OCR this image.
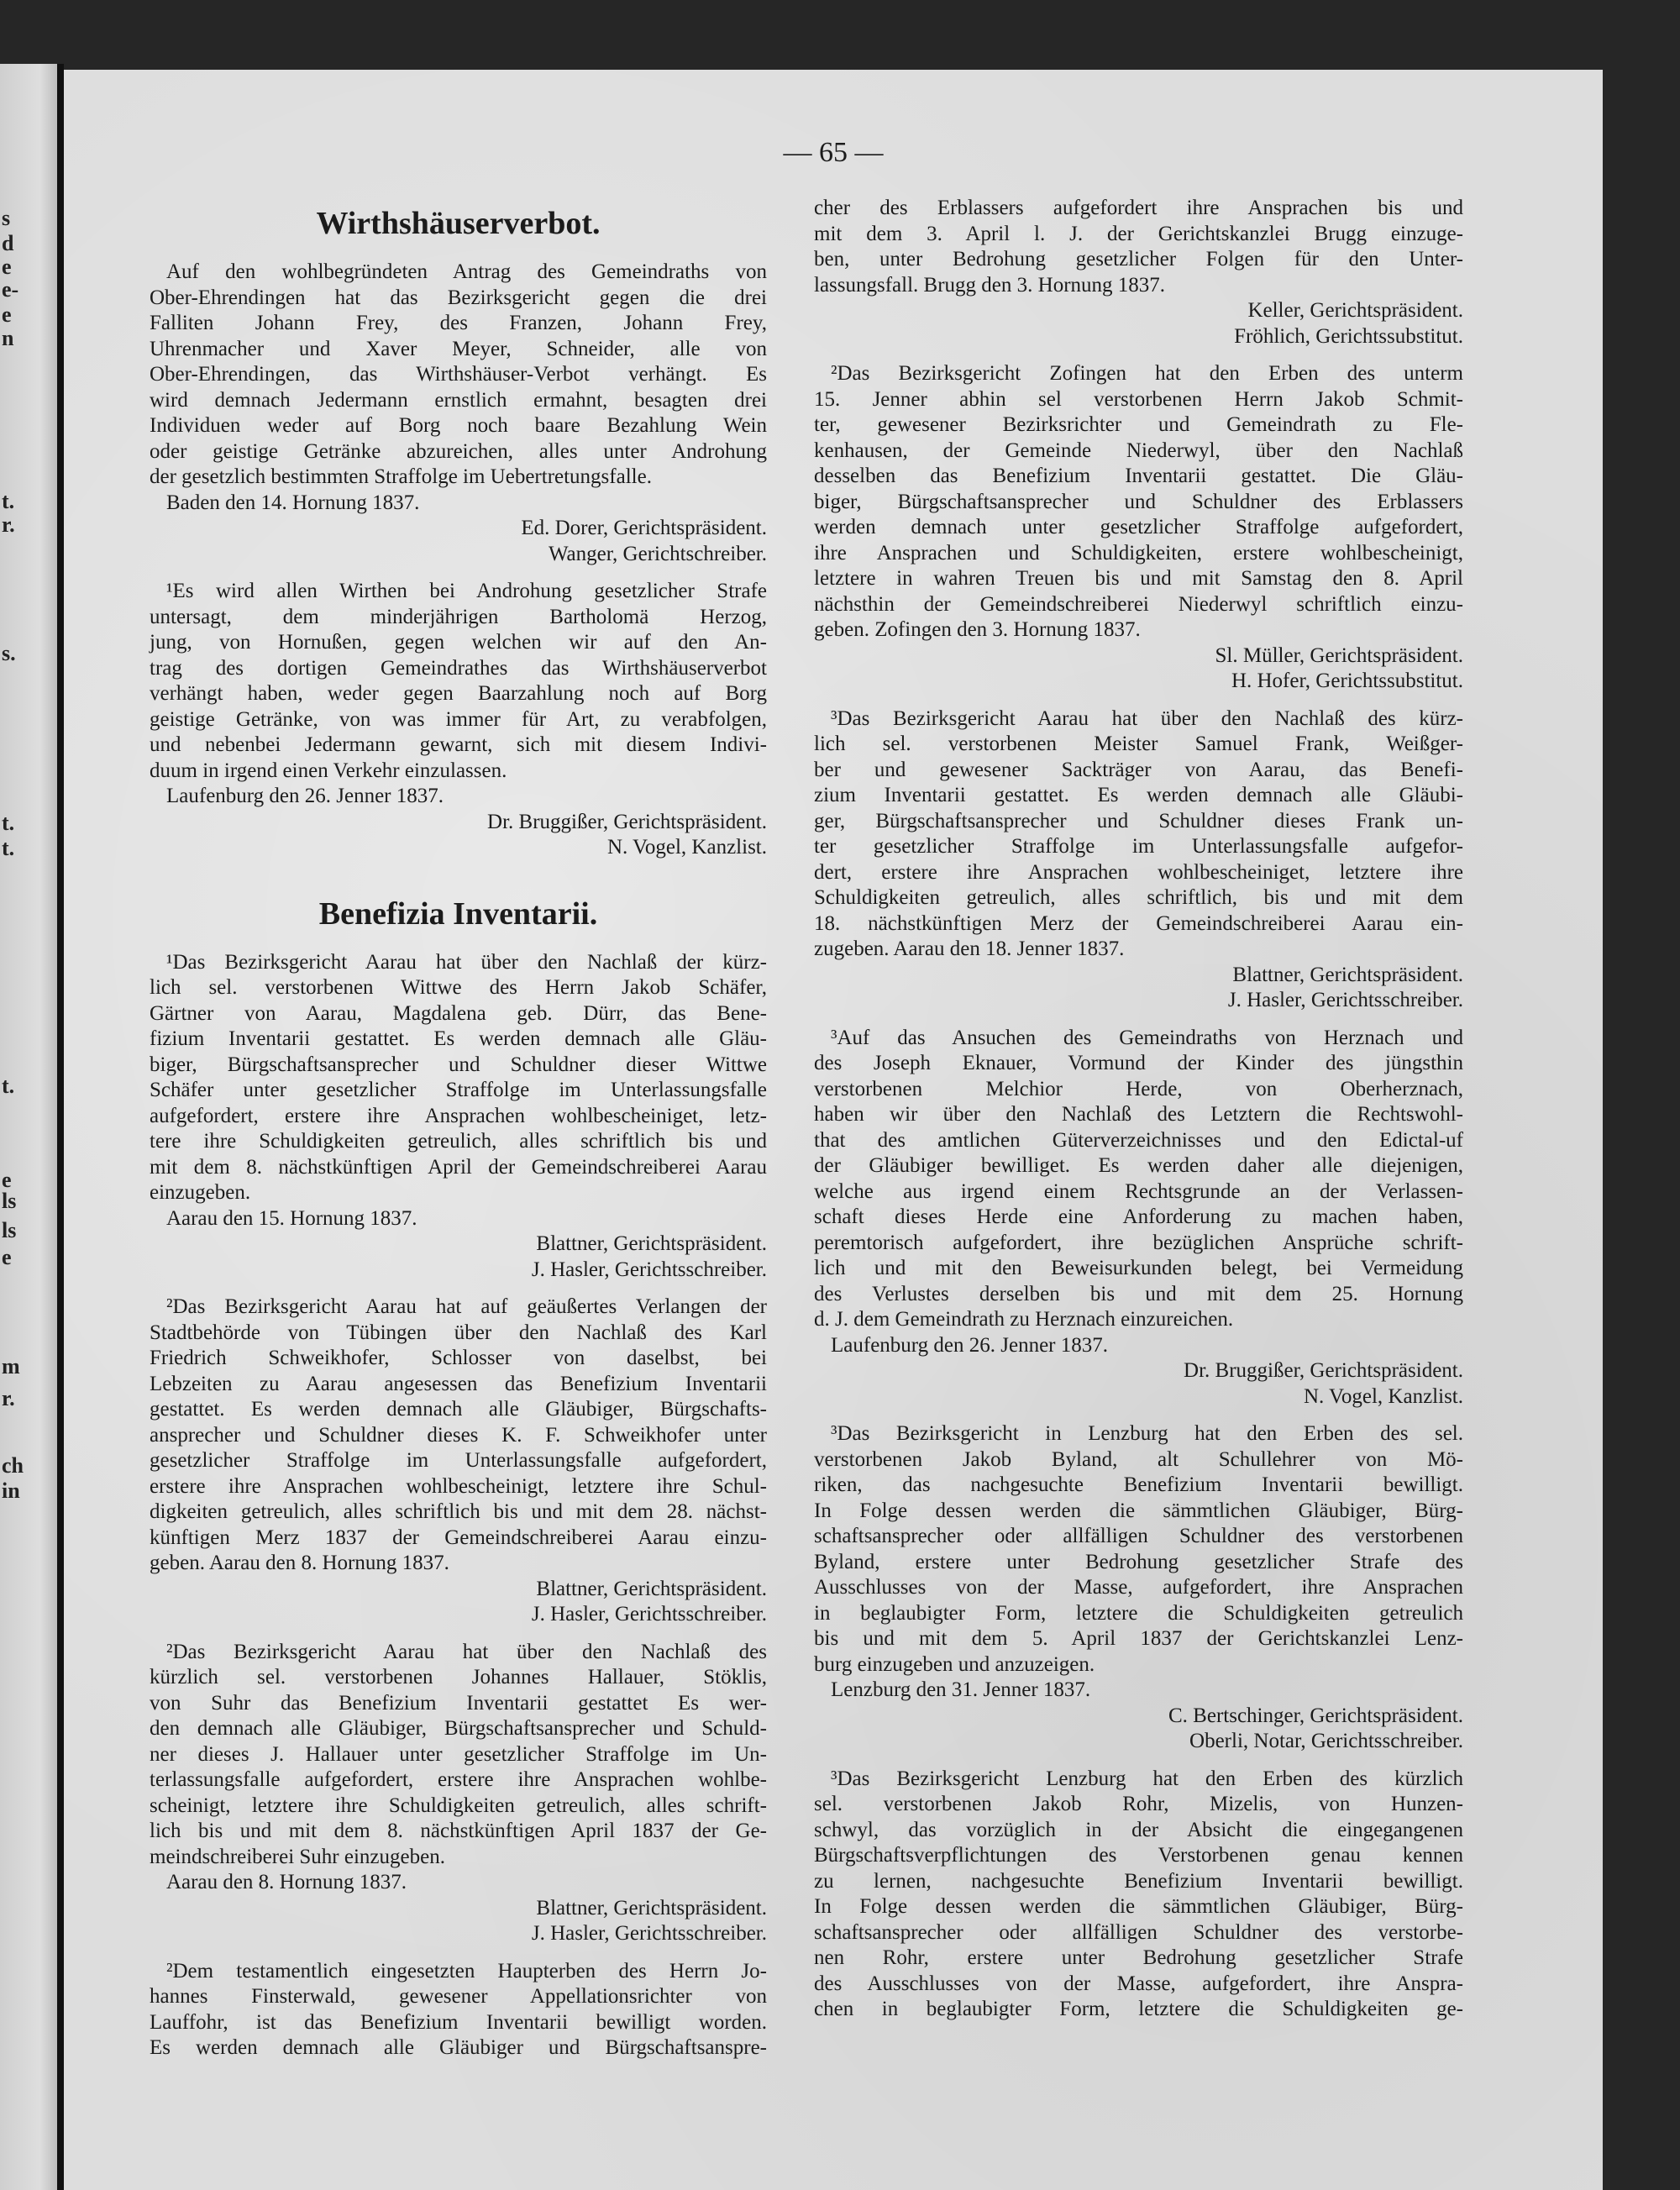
s
d
e
e-
e
n
t.
r.
s.
t.
t.
t.
e
ls
ls
e
m
r.
ch
in
— 65 —
Wirthshäuserverbot.
Auf den wohlbegründeten Antrag des Gemeindraths von
Ober-Ehrendingen hat das Bezirksgericht gegen die drei
Falliten Johann Frey, des Franzen, Johann Frey,
Uhrenmacher und Xaver Meyer, Schneider, alle von
Ober-Ehrendingen, das Wirthshäuser-Verbot verhängt. Es
wird demnach Jedermann ernstlich ermahnt, besagten drei
Individuen weder auf Borg noch baare Bezahlung Wein
oder geistige Getränke abzureichen, alles unter Androhung
der gesetzlich bestimmten Straffolge im Uebertretungsfalle.
Baden den 14. Hornung 1837.
Ed. Dorer, Gerichtspräsident.
Wanger, Gerichtschreiber.
¹Es wird allen Wirthen bei Androhung gesetzlicher Strafe
untersagt, dem minderjährigen Bartholomä Herzog,
jung, von Hornußen, gegen welchen wir auf den An-
trag des dortigen Gemeindrathes das Wirthshäuserverbot
verhängt haben, weder gegen Baarzahlung noch auf Borg
geistige Getränke, von was immer für Art, zu verabfolgen,
und nebenbei Jedermann gewarnt, sich mit diesem Indivi-
duum in irgend einen Verkehr einzulassen.
Laufenburg den 26. Jenner 1837.
Dr. Bruggißer, Gerichtspräsident.
N. Vogel, Kanzlist.
Benefizia Inventarii.
¹Das Bezirksgericht Aarau hat über den Nachlaß der kürz-
lich sel. verstorbenen Wittwe des Herrn Jakob Schäfer,
Gärtner von Aarau, Magdalena geb. Dürr, das Bene-
fizium Inventarii gestattet. Es werden demnach alle Gläu-
biger, Bürgschaftsansprecher und Schuldner dieser Wittwe
Schäfer unter gesetzlicher Straffolge im Unterlassungsfalle
aufgefordert, erstere ihre Ansprachen wohlbescheiniget, letz-
tere ihre Schuldigkeiten getreulich, alles schriftlich bis und
mit dem 8. nächstkünftigen April der Gemeindschreiberei Aarau
einzugeben.
Aarau den 15. Hornung 1837.
Blattner, Gerichtspräsident.
J. Hasler, Gerichtsschreiber.
²Das Bezirksgericht Aarau hat auf geäußertes Verlangen der
Stadtbehörde von Tübingen über den Nachlaß des Karl
Friedrich Schweikhofer, Schlosser von daselbst, bei
Lebzeiten zu Aarau angesessen das Benefizium Inventarii
gestattet. Es werden demnach alle Gläubiger, Bürgschafts-
ansprecher und Schuldner dieses K. F. Schweikhofer unter
gesetzlicher Straffolge im Unterlassungsfalle aufgefordert,
erstere ihre Ansprachen wohlbescheinigt, letztere ihre Schul-
digkeiten getreulich, alles schriftlich bis und mit dem 28. nächst-
künftigen Merz 1837 der Gemeindschreiberei Aarau einzu-
geben. Aarau den 8. Hornung 1837.
Blattner, Gerichtspräsident.
J. Hasler, Gerichtsschreiber.
²Das Bezirksgericht Aarau hat über den Nachlaß des
kürzlich sel. verstorbenen Johannes Hallauer, Stöklis,
von Suhr das Benefizium Inventarii gestattet Es wer-
den demnach alle Gläubiger, Bürgschaftsansprecher und Schuld-
ner dieses J. Hallauer unter gesetzlicher Straffolge im Un-
terlassungsfalle aufgefordert, erstere ihre Ansprachen wohlbe-
scheinigt, letztere ihre Schuldigkeiten getreulich, alles schrift-
lich bis und mit dem 8. nächstkünftigen April 1837 der Ge-
meindschreiberei Suhr einzugeben.
Aarau den 8. Hornung 1837.
Blattner, Gerichtspräsident.
J. Hasler, Gerichtsschreiber.
²Dem testamentlich eingesetzten Haupterben des Herrn Jo-
hannes Finsterwald, gewesener Appellationsrichter von
Lauffohr, ist das Benefizium Inventarii bewilligt worden.
Es werden demnach alle Gläubiger und Bürgschaftsanspre-
cher des Erblassers aufgefordert ihre Ansprachen bis und
mit dem 3. April l. J. der Gerichtskanzlei Brugg einzuge-
ben, unter Bedrohung gesetzlicher Folgen für den Unter-
lassungsfall. Brugg den 3. Hornung 1837.
Keller, Gerichtspräsident.
Fröhlich, Gerichtssubstitut.
²Das Bezirksgericht Zofingen hat den Erben des unterm
15. Jenner abhin sel verstorbenen Herrn Jakob Schmit-
ter, gewesener Bezirksrichter und Gemeindrath zu Fle-
kenhausen, der Gemeinde Niederwyl, über den Nachlaß
desselben das Benefizium Inventarii gestattet. Die Gläu-
biger, Bürgschaftsansprecher und Schuldner des Erblassers
werden demnach unter gesetzlicher Straffolge aufgefordert,
ihre Ansprachen und Schuldigkeiten, erstere wohlbescheinigt,
letztere in wahren Treuen bis und mit Samstag den 8. April
nächsthin der Gemeindschreiberei Niederwyl schriftlich einzu-
geben. Zofingen den 3. Hornung 1837.
Sl. Müller, Gerichtspräsident.
H. Hofer, Gerichtssubstitut.
³Das Bezirksgericht Aarau hat über den Nachlaß des kürz-
lich sel. verstorbenen Meister Samuel Frank, Weißger-
ber und gewesener Sackträger von Aarau, das Benefi-
zium Inventarii gestattet. Es werden demnach alle Gläubi-
ger, Bürgschaftsansprecher und Schuldner dieses Frank un-
ter gesetzlicher Straffolge im Unterlassungsfalle aufgefor-
dert, erstere ihre Ansprachen wohlbescheiniget, letztere ihre
Schuldigkeiten getreulich, alles schriftlich, bis und mit dem
18. nächstkünftigen Merz der Gemeindschreiberei Aarau ein-
zugeben. Aarau den 18. Jenner 1837.
Blattner, Gerichtspräsident.
J. Hasler, Gerichtsschreiber.
³Auf das Ansuchen des Gemeindraths von Herznach und
des Joseph Eknauer, Vormund der Kinder des jüngsthin
verstorbenen Melchior Herde, von Oberherznach,
haben wir über den Nachlaß des Letztern die Rechtswohl-
that des amtlichen Güterverzeichnisses und den Edictal-uf
der Gläubiger bewilliget. Es werden daher alle diejenigen,
welche aus irgend einem Rechtsgrunde an der Verlassen-
schaft dieses Herde eine Anforderung zu machen haben,
peremtorisch aufgefordert, ihre bezüglichen Ansprüche schrift-
lich und mit den Beweisurkunden belegt, bei Vermeidung
des Verlustes derselben bis und mit dem 25. Hornung
d. J. dem Gemeindrath zu Herznach einzureichen.
Laufenburg den 26. Jenner 1837.
Dr. Bruggißer, Gerichtspräsident.
N. Vogel, Kanzlist.
³Das Bezirksgericht in Lenzburg hat den Erben des sel.
verstorbenen Jakob Byland, alt Schullehrer von Mö-
riken, das nachgesuchte Benefizium Inventarii bewilligt.
In Folge dessen werden die sämmtlichen Gläubiger, Bürg-
schaftsansprecher oder allfälligen Schuldner des verstorbenen
Byland, erstere unter Bedrohung gesetzlicher Strafe des
Ausschlusses von der Masse, aufgefordert, ihre Ansprachen
in beglaubigter Form, letztere die Schuldigkeiten getreulich
bis und mit dem 5. April 1837 der Gerichtskanzlei Lenz-
burg einzugeben und anzuzeigen.
Lenzburg den 31. Jenner 1837.
C. Bertschinger, Gerichtspräsident.
Oberli, Notar, Gerichtsschreiber.
³Das Bezirksgericht Lenzburg hat den Erben des kürzlich
sel. verstorbenen Jakob Rohr, Mizelis, von Hunzen-
schwyl, das vorzüglich in der Absicht die eingegangenen
Bürgschaftsverpflichtungen des Verstorbenen genau kennen
zu lernen, nachgesuchte Benefizium Inventarii bewilligt.
In Folge dessen werden die sämmtlichen Gläubiger, Bürg-
schaftsansprecher oder allfälligen Schuldner des verstorbe-
nen Rohr, erstere unter Bedrohung gesetzlicher Strafe
des Ausschlusses von der Masse, aufgefordert, ihre Anspra-
chen in beglaubigter Form, letztere die Schuldigkeiten ge-
